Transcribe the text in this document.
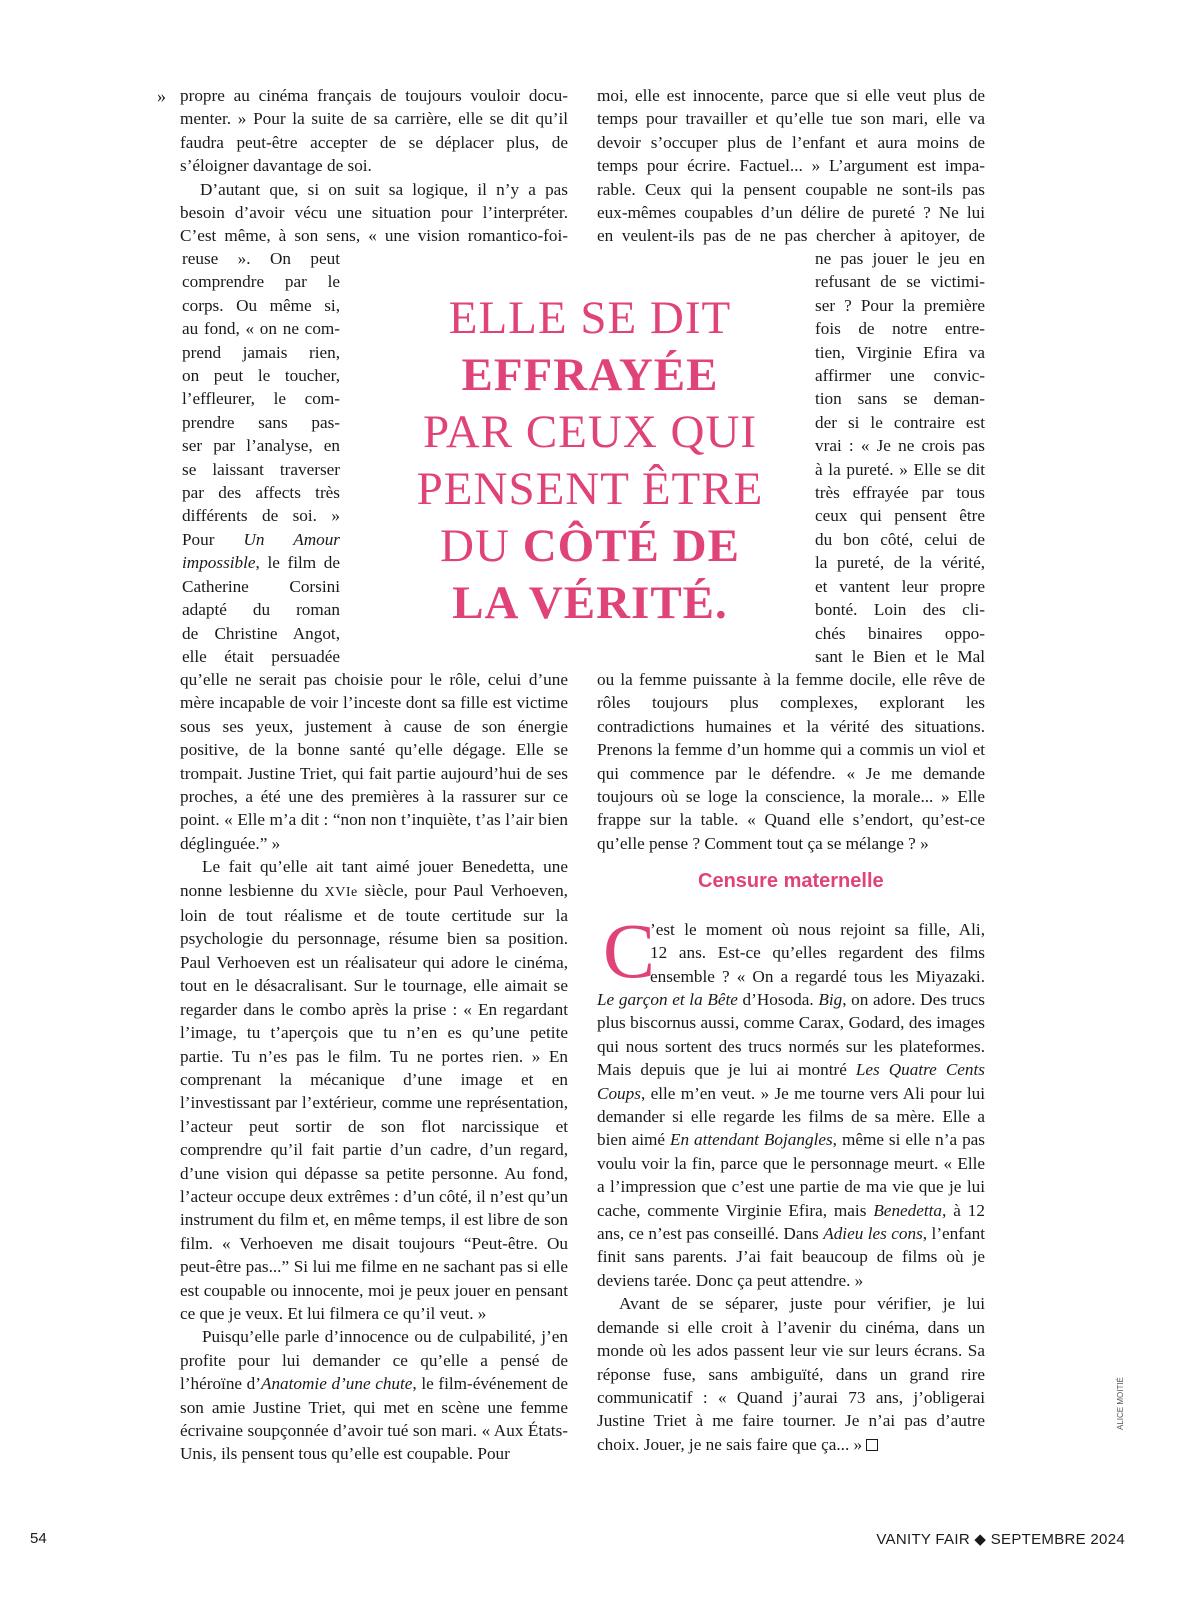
» propre au cinéma français de toujours vouloir docu-
menter. » Pour la suite de sa carrière, elle se dit qu’il
faudra peut-être accepter de se déplacer plus, de
s’éloigner davantage de soi.
D’autant que, si on suit sa logique, il n’y a pas
besoin d’avoir vécu une situation pour l’interpréter.
C’est même, à son sens, « une vision romantico-foi-
reuse ». On peut
comprendre par le
corps. Ou même si,
au fond, « on ne com-
prend jamais rien,
on peut le toucher,
l’effleurer, le com-
prendre sans pas-
ser par l’analyse, en
se laissant traverser
par des affects très
différents de soi. »
Pour Un Amour
impossible, le film de
Catherine Corsini
adapté du roman
de Christine Angot,
elle était persuadée

qu’elle ne serait pas choisie pour le rôle, celui d’une mère incapable de voir l’inceste dont sa fille est victime sous ses yeux, justement à cause de son énergie positive, de la bonne santé qu’elle dégage. Elle se trompait. Justine Triet, qui fait partie aujourd’hui de ses proches, a été une des premières à la rassurer sur ce point. « Elle m’a dit : “non non t’inquiète, t’as l’air bien déglinguée.” »

Le fait qu’elle ait tant aimé jouer Benedetta, une nonne lesbienne du XVIe siècle, pour Paul Verhoeven, loin de tout réalisme et de toute certitude sur la psychologie du personnage, résume bien sa position. Paul Verhoeven est un réalisateur qui adore le cinéma, tout en le désacralisant. Sur le tournage, elle aimait se regarder dans le combo après la prise : « En regardant l’image, tu t’aperçois que tu n’en es qu’une petite partie. Tu n’es pas le film. Tu ne portes rien. » En comprenant la mécanique d’une image et en l’investissant par l’extérieur, comme une représentation, l’acteur peut sortir de son flot narcissique et comprendre qu’il fait partie d’un cadre, d’un regard, d’une vision qui dépasse sa petite personne. Au fond, l’acteur occupe deux extrêmes : d’un côté, il n’est qu’un instrument du film et, en même temps, il est libre de son film. « Verhoeven me disait toujours “Peut-être. Ou peut-être pas...” Si lui me filme en ne sachant pas si elle est coupable ou innocente, moi je peux jouer en pensant ce que je veux. Et lui filmera ce qu’il veut. »

Puisqu’elle parle d’innocence ou de culpabilité, j’en profite pour lui demander ce qu’elle a pensé de l’héroïne d’Anatomie d’une chute, le film-événement de son amie Justine Triet, qui met en scène une femme écrivaine soupçonnée d’avoir tué son mari. « Aux États-Unis, ils pensent tous qu’elle est coupable. Pour

ELLE SE DIT
EFFRAYÉE
PAR CEUX QUI
PENSENT ÊTRE
DU CÔTÉ DE
LA VÉRITÉ.
moi, elle est innocente, parce que si elle veut plus de
temps pour travailler et qu’elle tue son mari, elle va
devoir s’occuper plus de l’enfant et aura moins de
temps pour écrire. Factuel... » L’argument est impa-
rable. Ceux qui la pensent coupable ne sont-ils pas
eux-mêmes coupables d’un délire de pureté ? Ne lui
en veulent-ils pas de ne pas chercher à apitoyer, de
ne pas jouer le jeu en
refusant de se victimi-
ser ? Pour la première
fois de notre entre-
tien, Virginie Efira va
affirmer une convic-
tion sans se deman-
der si le contraire est
vrai : « Je ne crois pas
à la pureté. » Elle se dit
très effrayée par tous
ceux qui pensent être
du bon côté, celui de
la pureté, de la vérité,
et vantent leur propre
bonté. Loin des cli-
chés binaires oppo-
sant le Bien et le Mal

ou la femme puissante à la femme docile, elle rêve de rôles toujours plus complexes, explorant les contradictions humaines et la vérité des situations. Prenons la femme d’un homme qui a commis un viol et qui commence par le défendre. « Je me demande toujours où se loge la conscience, la morale... » Elle frappe sur la table. « Quand elle s’endort, qu’est-ce qu’elle pense ? Comment tout ça se mélange ? »

Censure maternelle
C
’est le moment où nous rejoint sa fille, Ali,
12 ans. Est-ce qu’elles regardent des films
ensemble ? « On a regardé tous les Miyazaki.

Le garçon et la Bête d’Hosoda. Big, on adore. Des trucs plus biscornus aussi, comme Carax, Godard, des images qui nous sortent des trucs normés sur les plateformes. Mais depuis que je lui ai montré Les Quatre Cents Coups, elle m’en veut. » Je me tourne vers Ali pour lui demander si elle regarde les films de sa mère. Elle a bien aimé En attendant Bojangles, même si elle n’a pas voulu voir la fin, parce que le personnage meurt. « Elle a l’impression que c’est une partie de ma vie que je lui cache, commente Virginie Efira, mais Benedetta, à 12 ans, ce n’est pas conseillé. Dans Adieu les cons, l’enfant finit sans parents. J’ai fait beaucoup de films où je deviens tarée. Donc ça peut attendre. »

Avant de se séparer, juste pour vérifier, je lui demande si elle croit à l’avenir du cinéma, dans un monde où les ados passent leur vie sur leurs écrans. Sa réponse fuse, sans ambiguïté, dans un grand rire communicatif : « Quand j’aurai 73 ans, j’obligerai Justine Triet à me faire tourner. Je n’ai pas d’autre choix. Jouer, je ne sais faire que ça... »

ALICE MOITIÉ
54	VANITY FAIR ◆ SEPTEMBRE 2024
